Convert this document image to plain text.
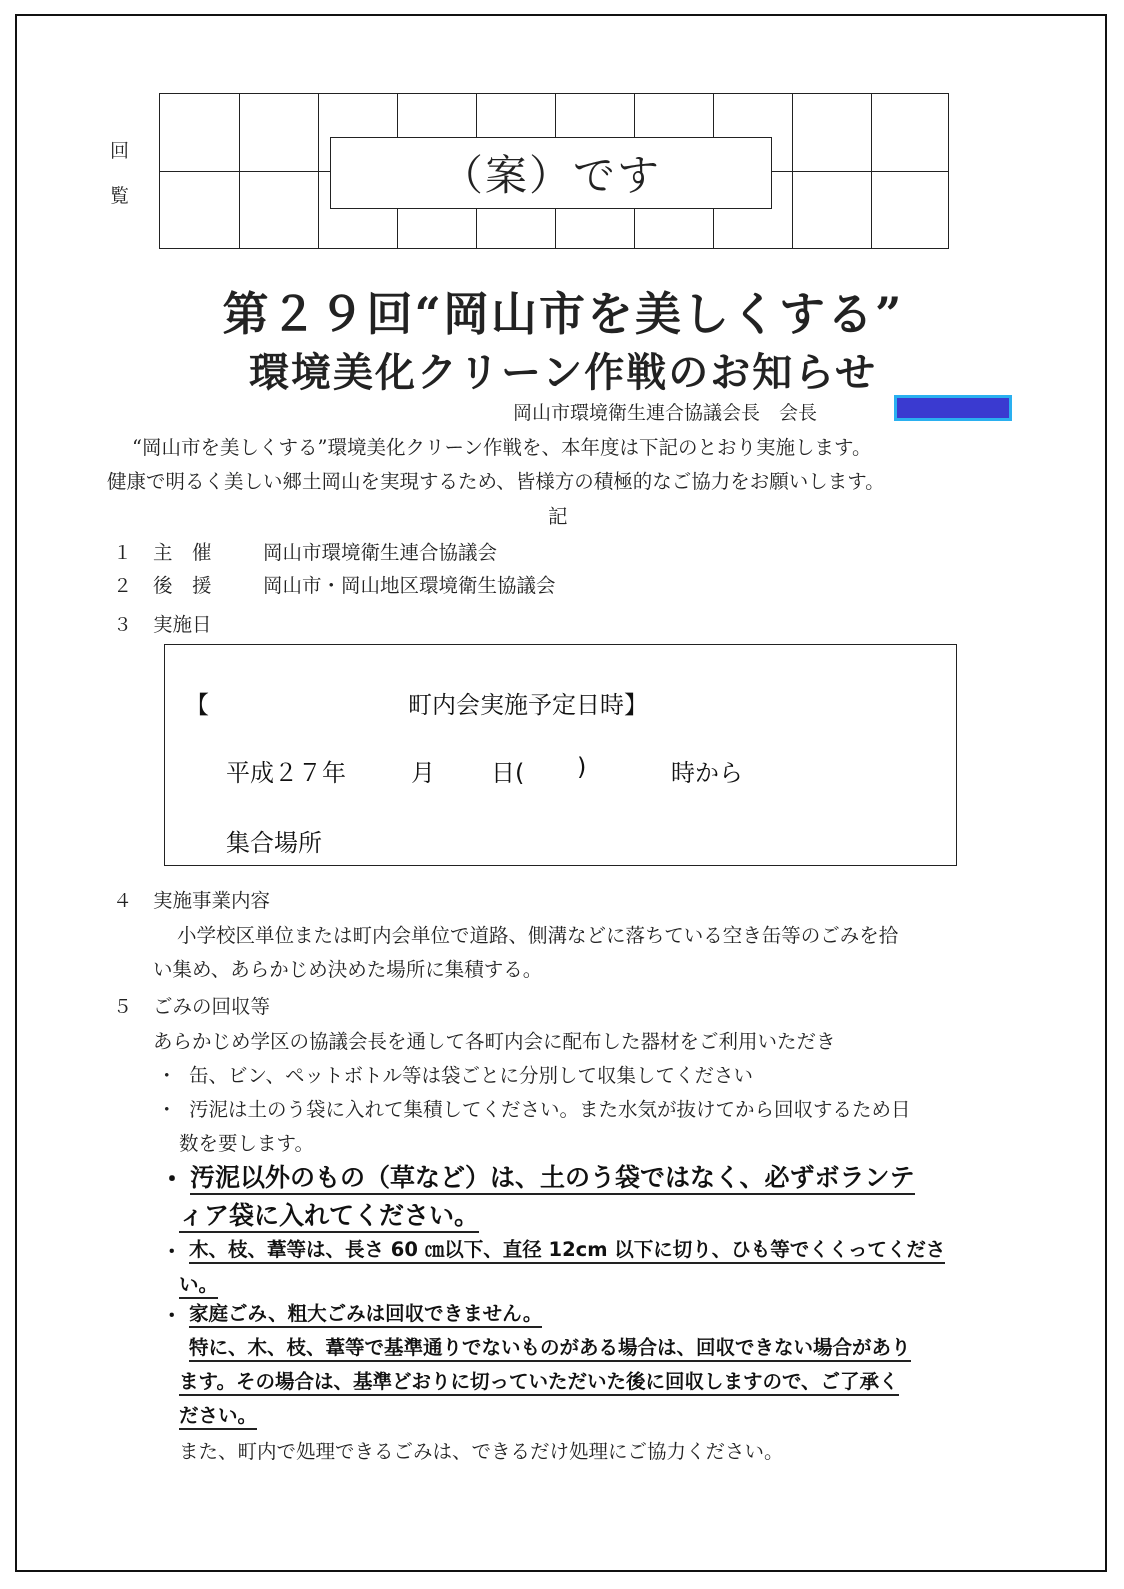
回
覧	（案）です
第２９回“岡山市を美しくする”
環境美化クリーン作戦のお知らせ
岡山市環境衛生連合協議会長　会長
“岡山市を美しくする”環境美化クリーン作戦を、本年度は下記のとおり実施します。
健康で明るく美しい郷土岡山を実現するため、皆様方の積極的なご協力をお願いします。
記
１ 主　催	岡山市環境衛生連合協議会
２ 後　援	岡山市・岡山地区環境衛生協議会
３ 実施日
【	町内会実施予定日時】
平成２７年	月 日( )	時から
集合場所
４ 実施事業内容
小学校区単位または町内会単位で道路、側溝などに落ちている空き缶等のごみを拾
い集め、あらかじめ決めた場所に集積する。
５ ごみの回収等
あらかじめ学区の協議会長を通して各町内会に配布した器材をご利用いただき
・ 缶、ビン、ペットボトル等は袋ごとに分別して収集してください
・ 汚泥は土のう袋に入れて集積してください。また水気が抜けてから回収するため日
数を要します。
・ 汚泥以外のもの（草など）は、土のう袋ではなく、必ずボランテ
ィア袋に入れてください。
・ 木、枝、葦等は、長さ 60 ㎝以下、直径 12cm 以下に切り、ひも等でくくってくださ
い。
・ 家庭ごみ、粗大ごみは回収できません。
特に、木、枝、葦等で基準通りでないものがある場合は、回収できない場合があり
ます。その場合は、基準どおりに切っていただいた後に回収しますので、ご了承く
ださい。
また、町内で処理できるごみは、できるだけ処理にご協力ください。
